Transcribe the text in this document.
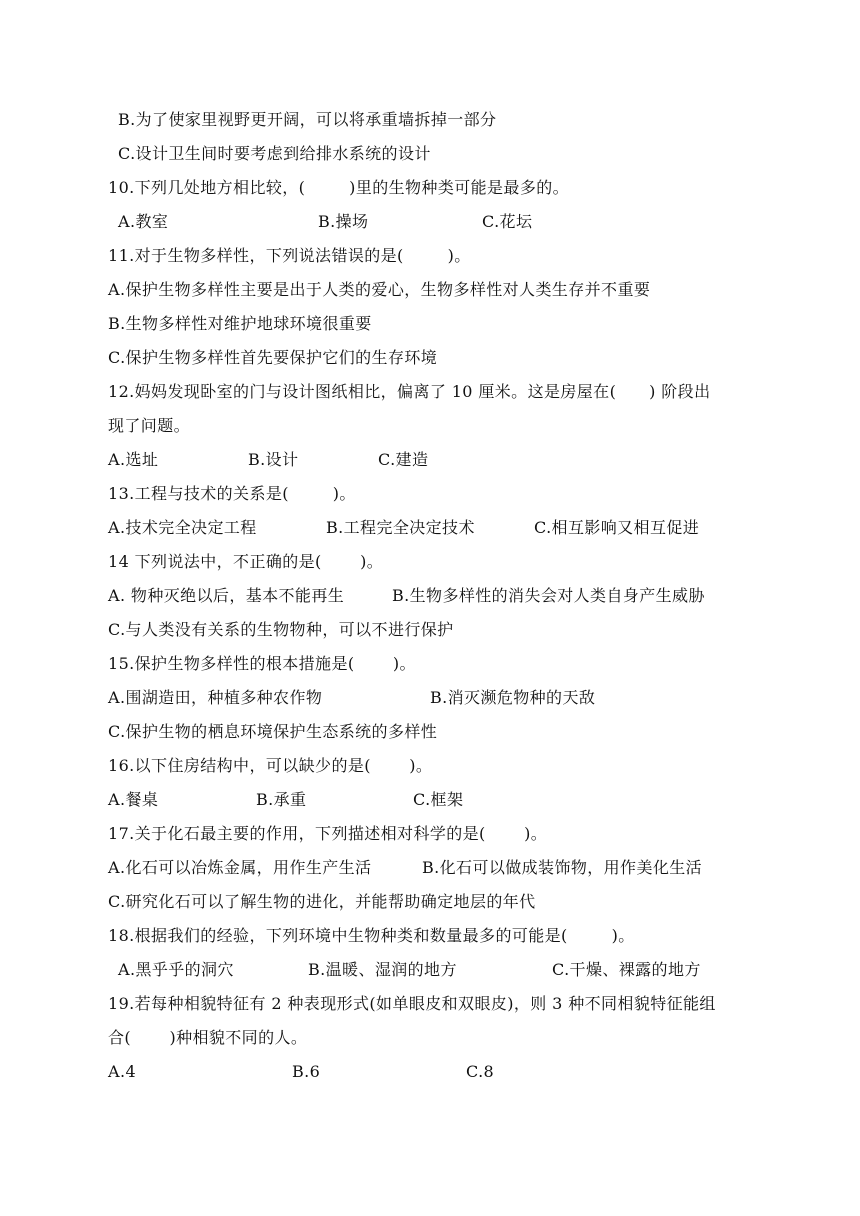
B.为了使家里视野更开阔，可以将承重墙拆掉一部分
C.设计卫生间时要考虑到给排水系统的设计
10.下列几处地方相比较，(        )里的生物种类可能是最多的。

A.教室

	B.操场

	C.花坛

11.对于生物多样性，下列说法错误的是(        )。
A.保护生物多样性主要是出于人类的爱心，生物多样性对人类生存并不重要
B.生物多样性对维护地球环境很重要
C.保护生物多样性首先要保护它们的生存环境
12.妈妈发现卧室的门与设计图纸相比，偏离了 10 厘米。这是房屋在(      ) 阶段出
现了问题。

A.选址

	B.设计

	C.建造

13.工程与技术的关系是(        )。

A.技术完全决定工程

	B.工程完全决定技术

	C.相互影响又相互促进

14 下列说法中，不正确的是(       )。

A. 物种灭绝以后，基本不能再生

	B.生物多样性的消失会对人类自身产生威胁

C.与人类没有关系的生物物种，可以不进行保护
15.保护生物多样性的根本措施是(       )。

A.围湖造田，种植多种农作物

	B.消灭濒危物种的天敌

C.保护生物的栖息环境保护生态系统的多样性
16.以下住房结构中，可以缺少的是(       )。

A.餐桌

	B.承重

	C.框架

17.关于化石最主要的作用，下列描述相对科学的是(       )。

A.化石可以冶炼金属，用作生产生活

	B.化石可以做成装饰物，用作美化生活

C.研究化石可以了解生物的进化，并能帮助确定地层的年代
18.根据我们的经验，下列环境中生物种类和数量最多的可能是(        )。

A.黑乎乎的洞穴

	B.温暖、湿润的地方

	C.干燥、裸露的地方

19.若每种相貌特征有 2 种表现形式(如单眼皮和双眼皮)，则 3 种不同相貌特征能组
合(       )种相貌不同的人。

A.4

	B.6

	C.8
